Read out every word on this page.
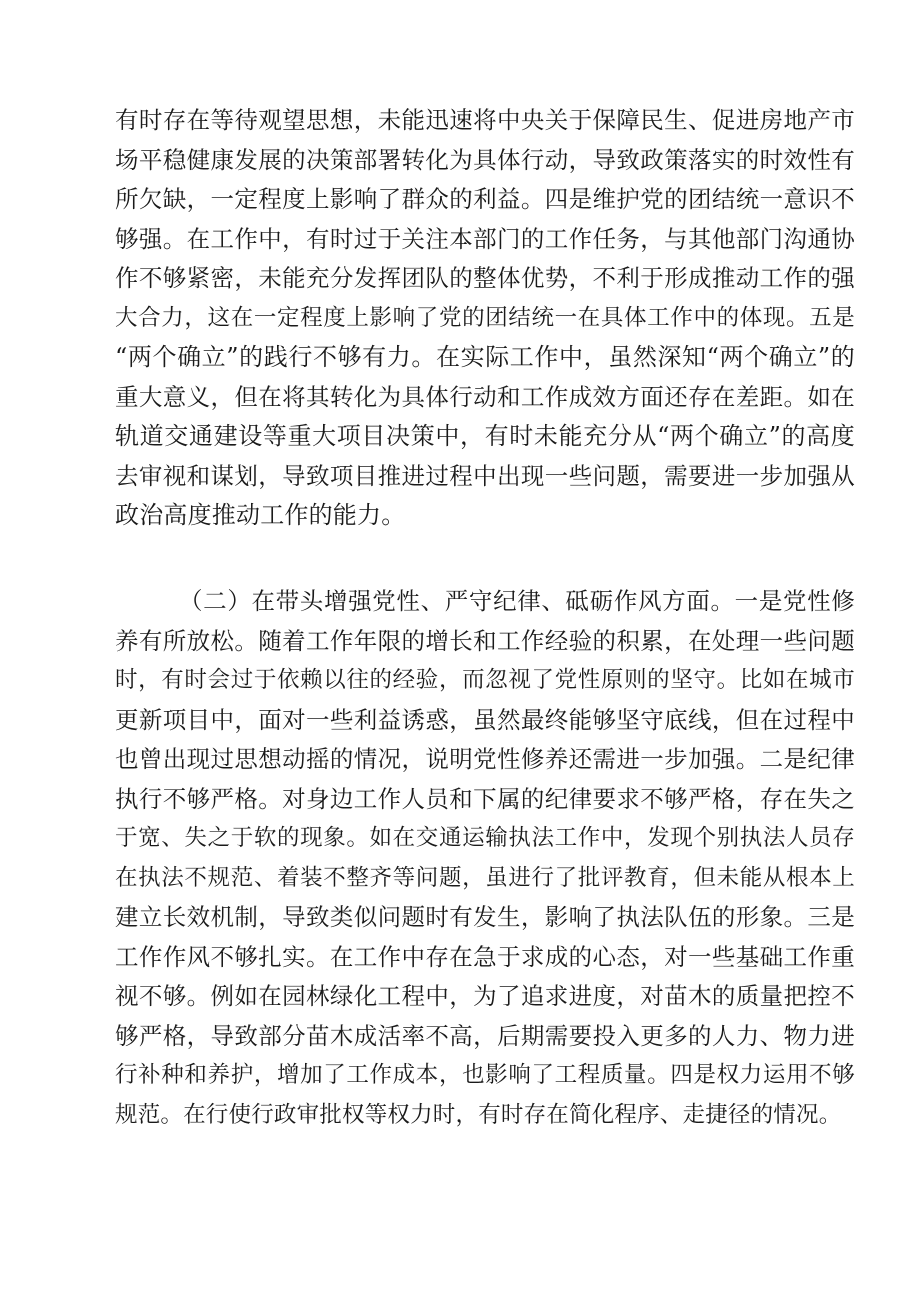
有时存在等待观望思想，未能迅速将中央关于保障民生、促进房地产市
场平稳健康发展的决策部署转化为具体行动，导致政策落实的时效性有
所欠缺，一定程度上影响了群众的利益。四是维护党的团结统一意识不
够强。在工作中，有时过于关注本部门的工作任务，与其他部门沟通协
作不够紧密，未能充分发挥团队的整体优势，不利于形成推动工作的强
大合力，这在一定程度上影响了党的团结统一在具体工作中的体现。五是
“两个确立”的践行不够有力。在实际工作中，虽然深知“两个确立”的
重大意义，但在将其转化为具体行动和工作成效方面还存在差距。如在
轨道交通建设等重大项目决策中，有时未能充分从“两个确立”的高度
去审视和谋划，导致项目推进过程中出现一些问题，需要进一步加强从
政治高度推动工作的能力。
（二）在带头增强党性、严守纪律、砥砺作风方面。一是党性修
养有所放松。随着工作年限的增长和工作经验的积累，在处理一些问题
时，有时会过于依赖以往的经验，而忽视了党性原则的坚守。比如在城市
更新项目中，面对一些利益诱惑，虽然最终能够坚守底线，但在过程中
也曾出现过思想动摇的情况，说明党性修养还需进一步加强。二是纪律
执行不够严格。对身边工作人员和下属的纪律要求不够严格，存在失之
于宽、失之于软的现象。如在交通运输执法工作中，发现个别执法人员存
在执法不规范、着装不整齐等问题，虽进行了批评教育，但未能从根本上
建立长效机制，导致类似问题时有发生，影响了执法队伍的形象。三是
工作作风不够扎实。在工作中存在急于求成的心态，对一些基础工作重
视不够。例如在园林绿化工程中，为了追求进度，对苗木的质量把控不
够严格，导致部分苗木成活率不高，后期需要投入更多的人力、物力进
行补种和养护，增加了工作成本，也影响了工程质量。四是权力运用不够
规范。在行使行政审批权等权力时，有时存在简化程序、走捷径的情况。
